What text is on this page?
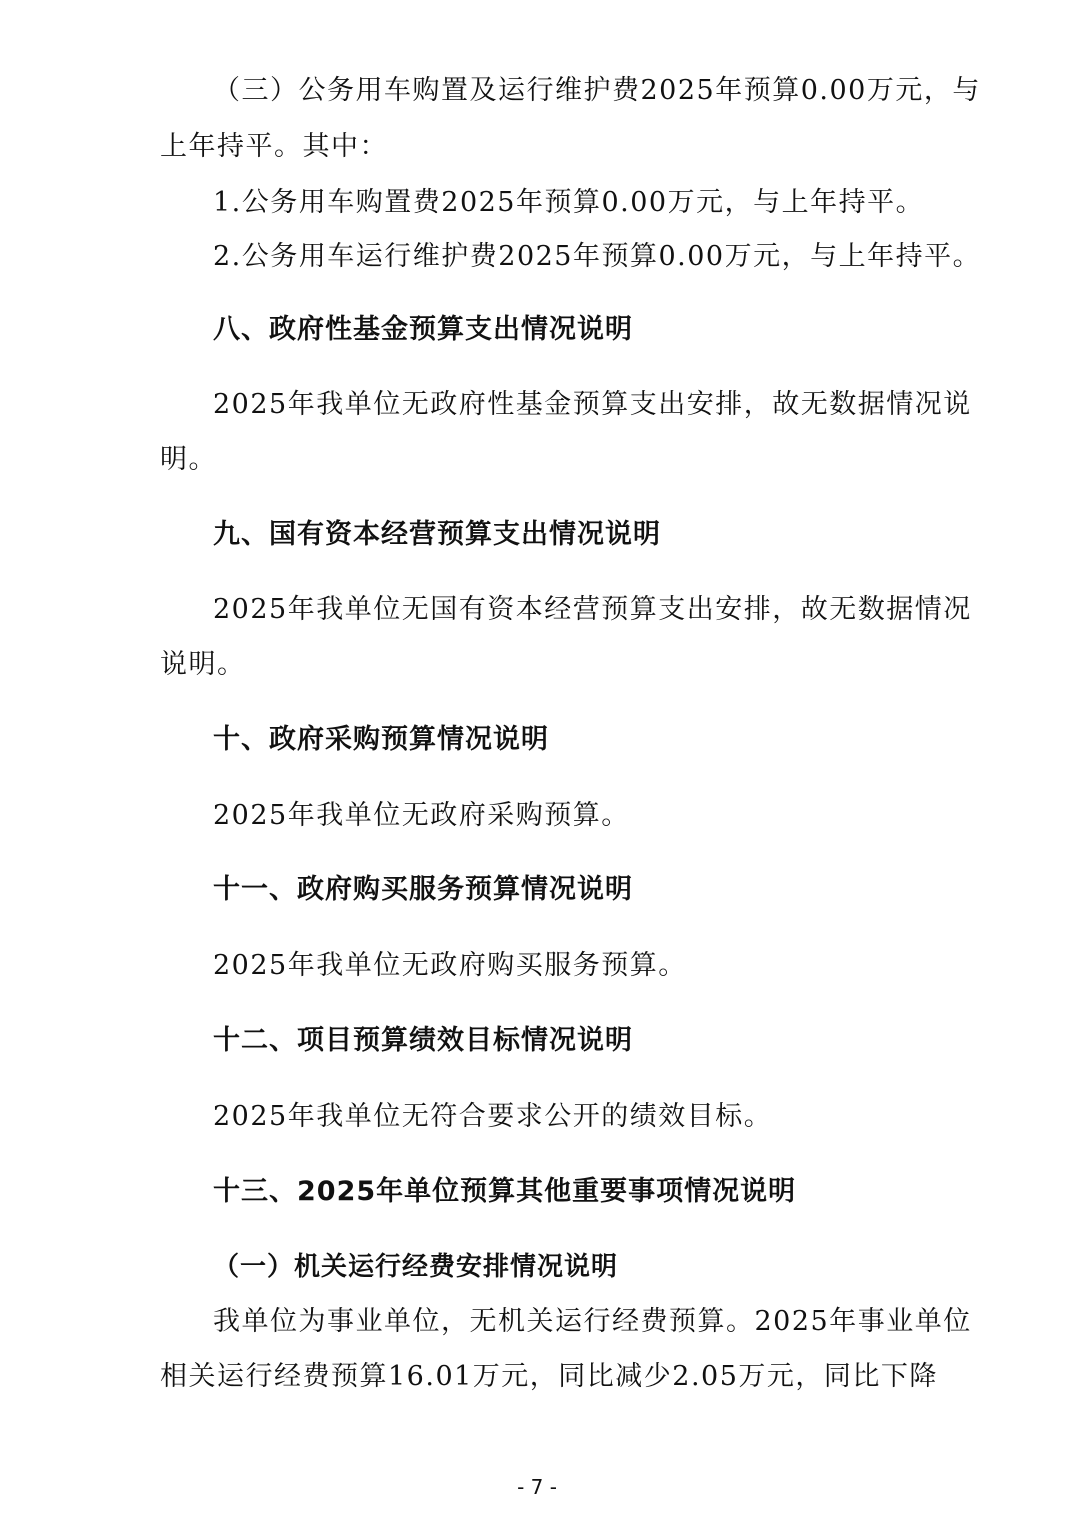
（三）公务用车购置及运行维护费2025年预算0.00万元，与
上年持平。其中：
1.公务用车购置费2025年预算0.00万元，与上年持平。
2.公务用车运行维护费2025年预算0.00万元，与上年持平。
八、政府性基金预算支出情况说明
2025年我单位无政府性基金预算支出安排，故无数据情况说
明。
九、国有资本经营预算支出情况说明
2025年我单位无国有资本经营预算支出安排，故无数据情况
说明。
十、政府采购预算情况说明
2025年我单位无政府采购预算。
十一、政府购买服务预算情况说明
2025年我单位无政府购买服务预算。
十二、项目预算绩效目标情况说明
2025年我单位无符合要求公开的绩效目标。
十三、2025年单位预算其他重要事项情况说明
（一）机关运行经费安排情况说明
我单位为事业单位，无机关运行经费预算。2025年事业单位
相关运行经费预算16.01万元，同比减少2.05万元，同比下降
- 7 -
